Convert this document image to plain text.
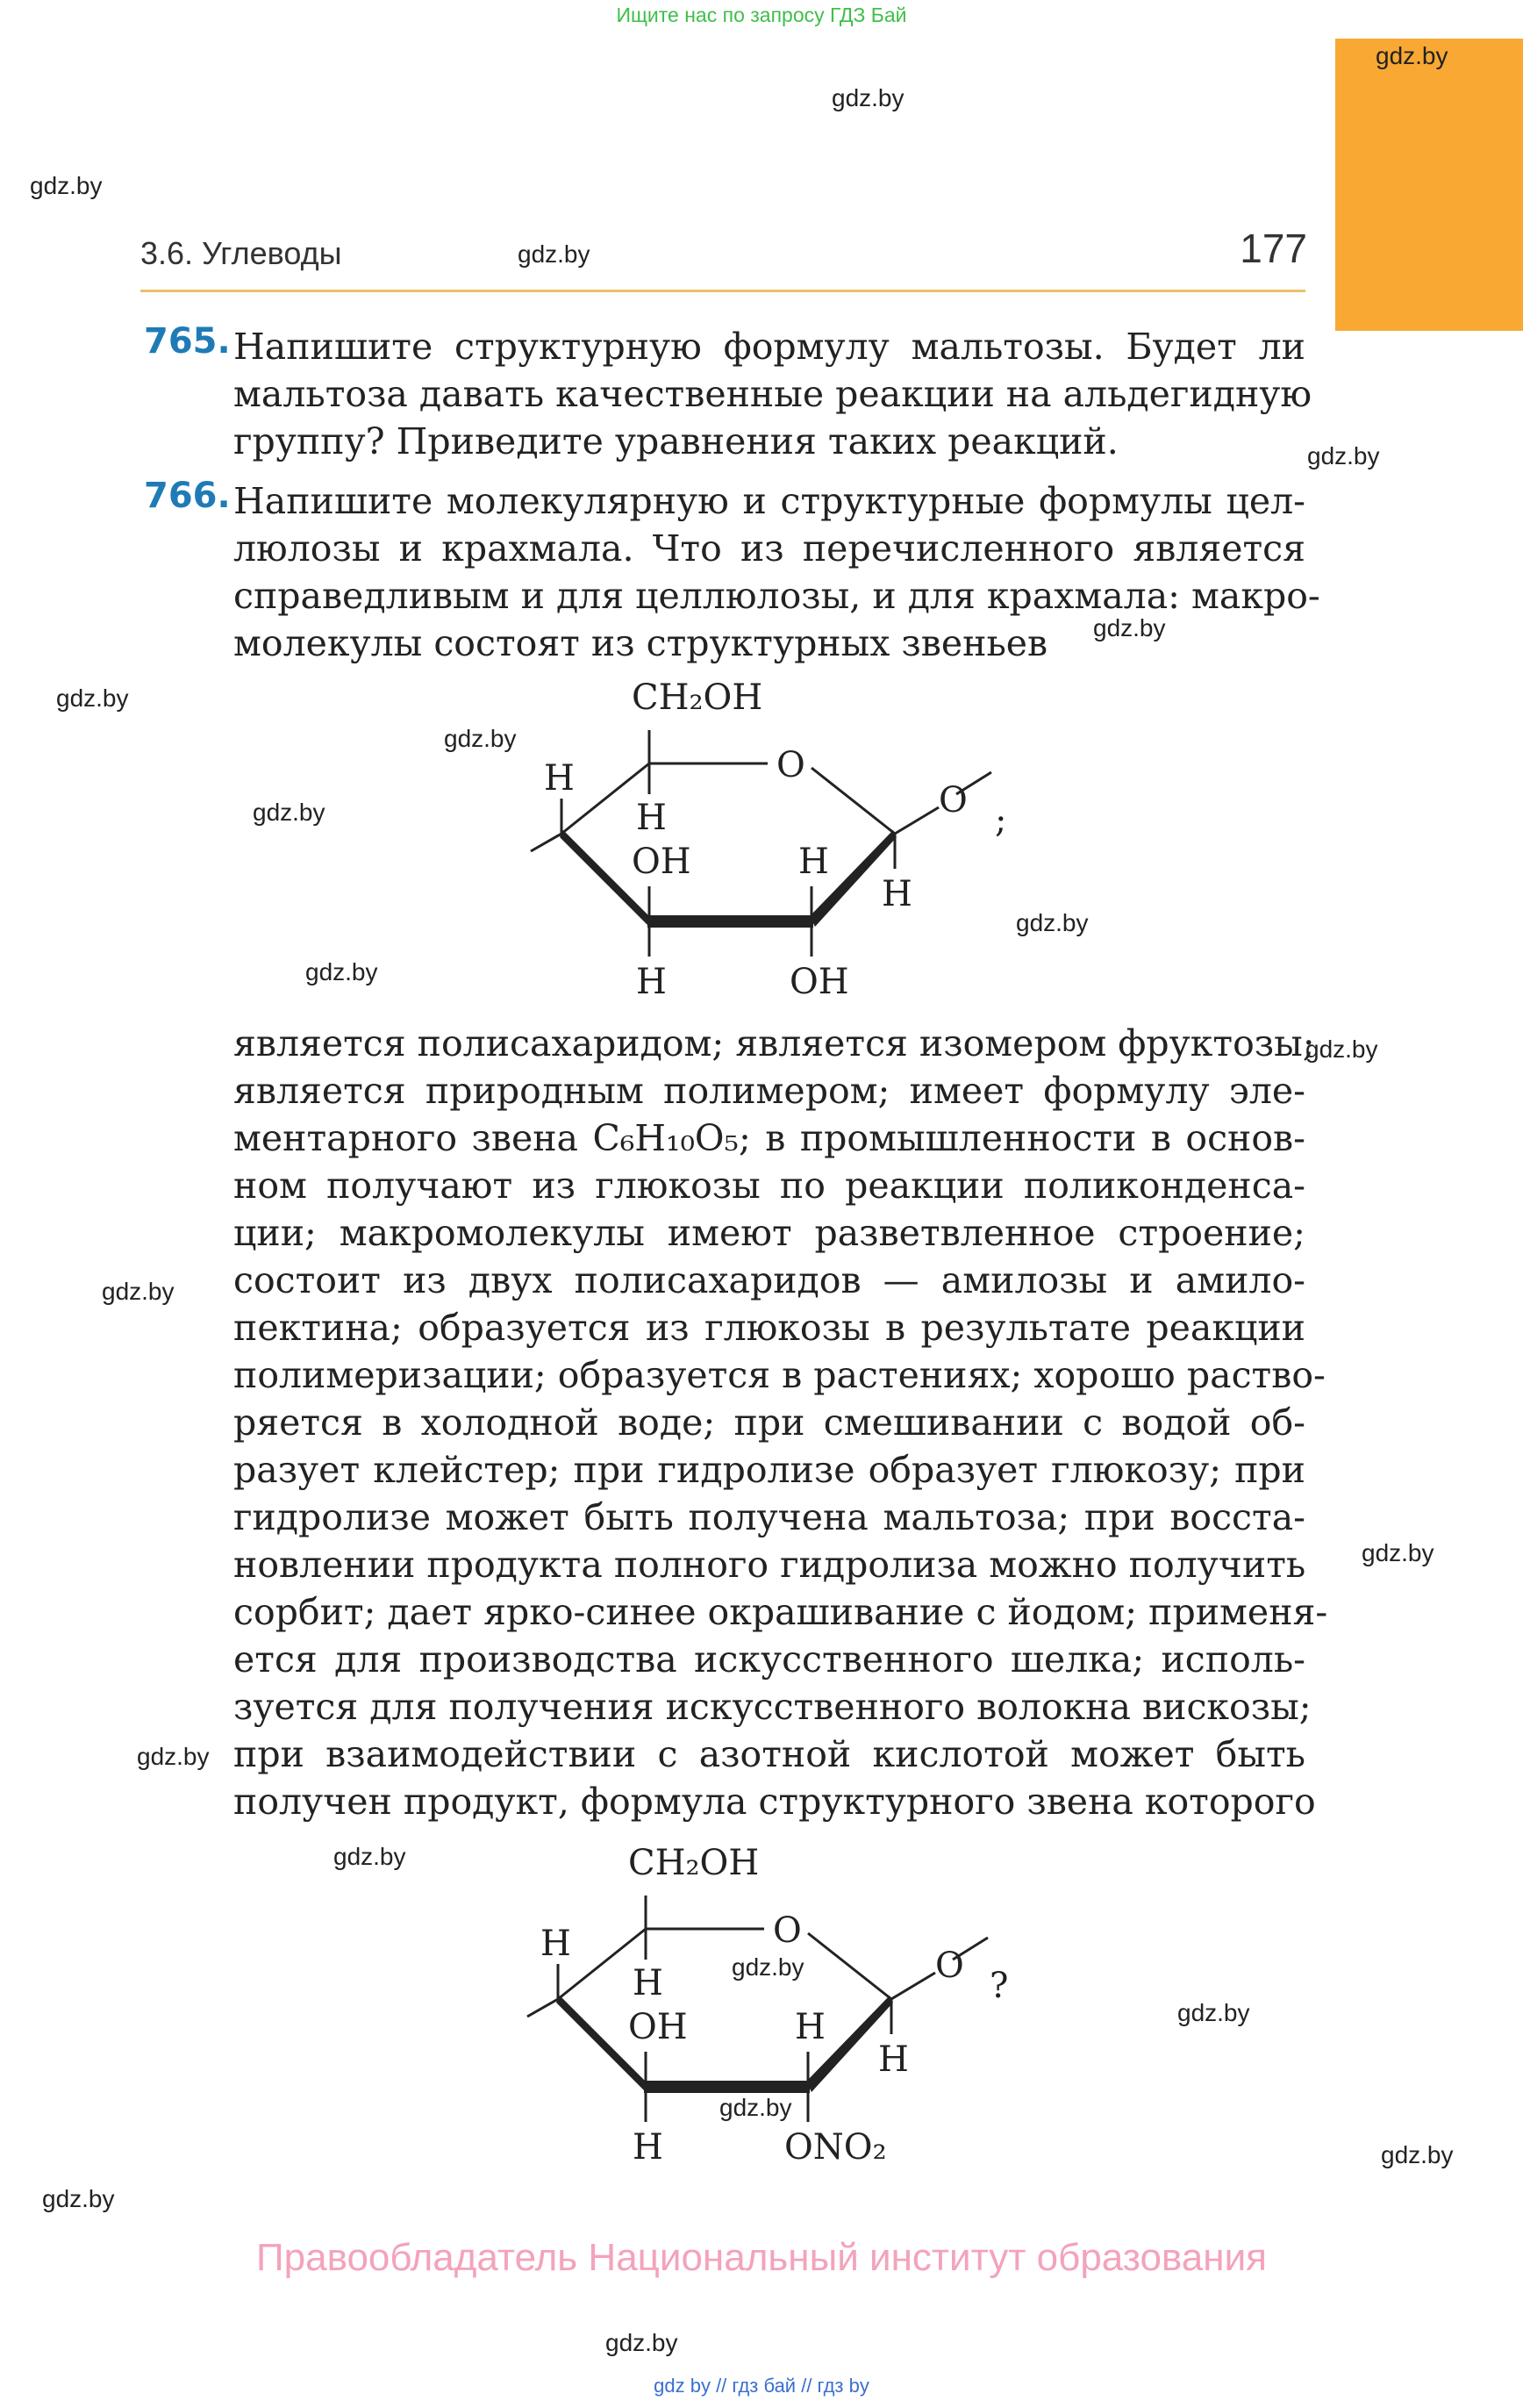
Ищите нас по запросу ГДЗ Бай
gdz.by
gdz.by
gdz.by
gdz.by
gdz.by
gdz.by
gdz.by
gdz.by
gdz.by
gdz.by
gdz.by
gdz.by
gdz.by
gdz.by
gdz.by
gdz.by
gdz.by
gdz.by
gdz.by
gdz.by
gdz.by
gdz.by
3.6. Углеводы	177
765. Напишите структурную формулу мальтозы. Будет ли
мальтоза давать качественные реакции на альдегидную
группу? Приведите уравнения таких реакций.
766. Напишите молекулярную и структурные формулы цел-
люлозы и крахмала. Что из перечисленного является
справедливым и для целлюлозы, и для крахмала: макро-
молекулы состоят из структурных звеньев
CH₂OH
O
O
H
H
OH	H
H
H	OH
;
является полисахаридом; является изомером фруктозы;
является природным полимером; имеет формулу эле-
ментарного звена C₆H₁₀O₅; в промышленности в основ-
ном получают из глюкозы по реакции поликонденса-
ции; макромолекулы имеют разветвленное строение;
состоит из двух полисахаридов — амилозы и амило-
пектина; образуется из глюкозы в результате реакции
полимеризации; образуется в растениях; хорошо раство-
ряется в холодной воде; при смешивании с водой об-
разует клейстер; при гидролизе образует глюкозу; при
гидролизе может быть получена мальтоза; при восста-
новлении продукта полного гидролиза можно получить
сорбит; дает ярко-синее окрашивание с йодом; применя-
ется для производства искусственного шелка; исполь-
зуется для получения искусственного волокна вискозы;
при взаимодействии с азотной кислотой может быть
получен продукт, формула структурного звена которого
CH₂OH
O
O
H
H
OH	H
H
H	ONO₂
?
Правообладатель Национальный институт образования
gdz by // гдз бай // гдз by
